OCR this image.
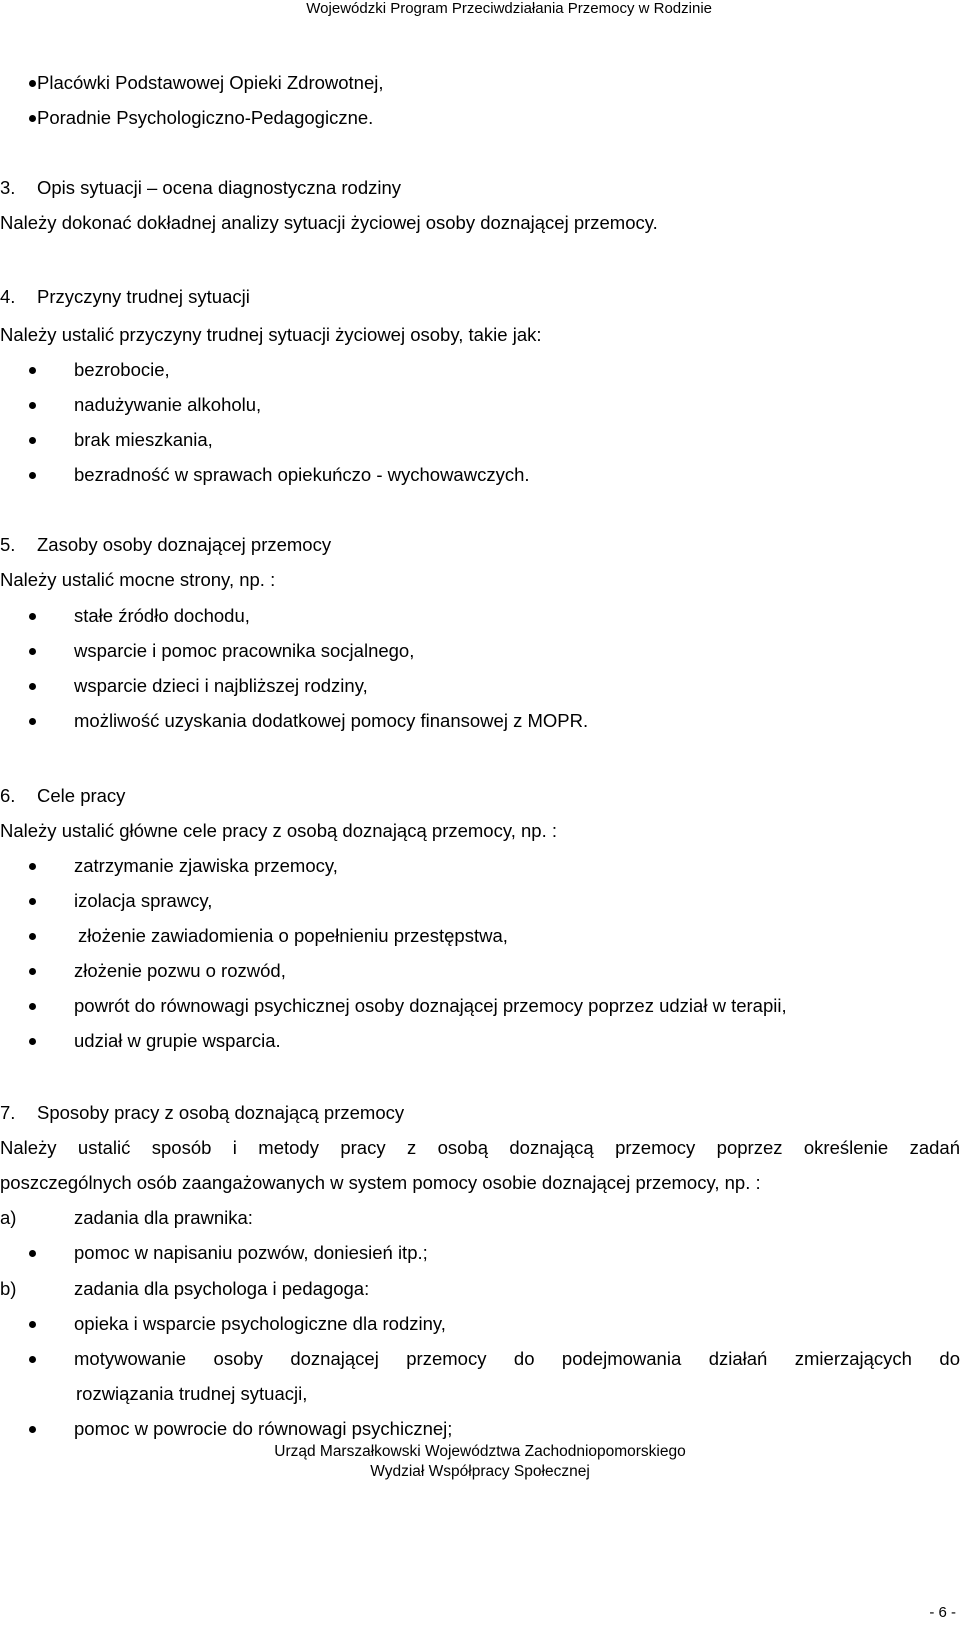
Wojewódzki Program Przeciwdziałania Przemocy w Rodzinie
Placówki Podstawowej Opieki Zdrowotnej,
Poradnie Psychologiczno-Pedagogiczne.
3. Opis sytuacji – ocena diagnostyczna rodziny
Należy dokonać dokładnej analizy sytuacji życiowej osoby doznającej przemocy.
4. Przyczyny trudnej sytuacji
Należy ustalić przyczyny trudnej sytuacji życiowej osoby, takie jak:
bezrobocie,
nadużywanie alkoholu,
brak mieszkania,
bezradność w sprawach opiekuńczo - wychowawczych.
5. Zasoby osoby doznającej przemocy
Należy ustalić mocne strony, np. :
stałe źródło dochodu,
wsparcie i pomoc pracownika socjalnego,
wsparcie dzieci i najbliższej rodziny,
możliwość uzyskania dodatkowej pomocy finansowej z MOPR.
6. Cele pracy
Należy ustalić główne cele pracy z osobą doznającą przemocy, np. :
zatrzymanie zjawiska przemocy,
izolacja sprawcy,
złożenie zawiadomienia o popełnieniu przestępstwa,
złożenie pozwu o rozwód,
powrót do równowagi psychicznej osoby doznającej przemocy poprzez udział w terapii,
udział w grupie wsparcia.
7. Sposoby pracy z osobą doznającą przemocy
Należy ustalić sposób i metody pracy z osobą doznającą przemocy poprzez określenie zadań
poszczególnych osób zaangażowanych w system pomocy osobie doznającej przemocy, np. :
a)	zadania dla prawnika:
pomoc w napisaniu pozwów, doniesień itp.;
b)	zadania dla psychologa i pedagoga:
opieka i wsparcie psychologiczne dla rodziny,
motywowanie osoby doznającej przemocy do podejmowania działań zmierzających do
rozwiązania trudnej sytuacji,
pomoc w powrocie do równowagi psychicznej;
Urząd Marszałkowski Województwa Zachodniopomorskiego
Wydział Współpracy Społecznej
- 6 -
